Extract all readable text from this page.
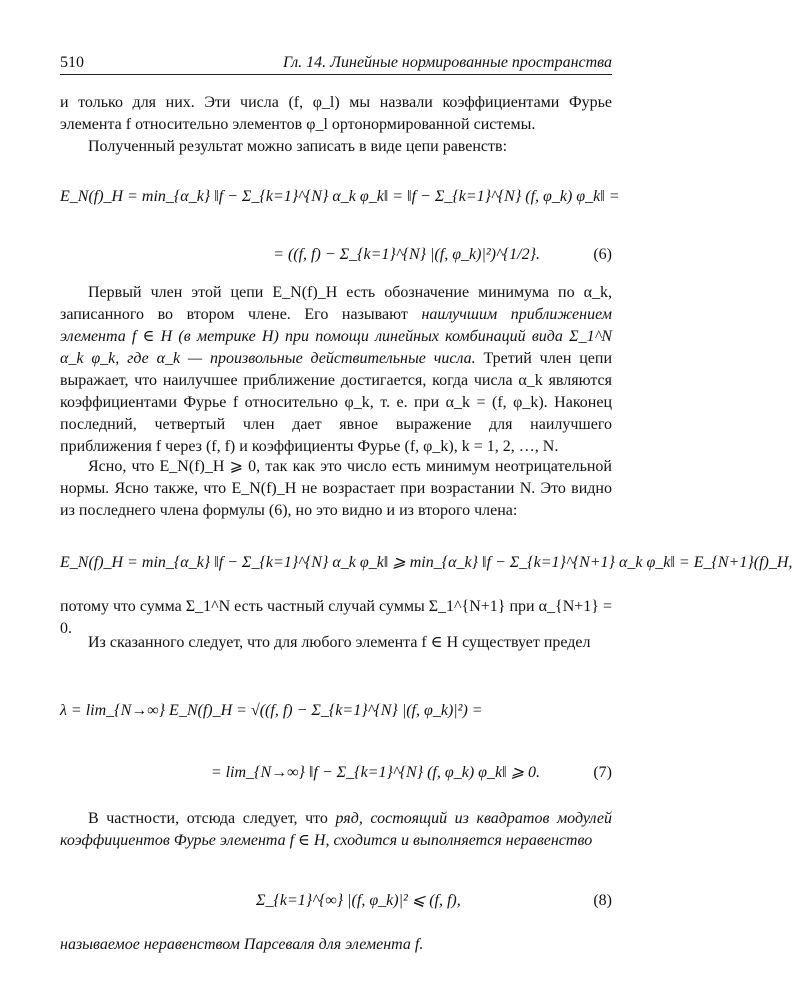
510	Гл. 14. Линейные нормированные пространства

и только для них. Эти числа (f, φ_l) мы назвали коэффициентами Фурье элемента f относительно элементов φ_l ортонормированной системы.

Полученный результат можно записать в виде цепи равенств:

E_N(f)_H = min_{α_k} ‖f − Σ_{k=1}^{N} α_k φ_k‖ = ‖f − Σ_{k=1}^{N} (f, φ_k) φ_k‖ =
= ((f, f) − Σ_{k=1}^{N} |(f, φ_k)|²)^{1/2}.	(6)

Первый член этой цепи E_N(f)_H есть обозначение минимума по α_k, записанного во втором члене. Его называют наилучшим приближением элемента f ∈ H (в метрике H) при помощи линейных комбинаций вида Σ_1^N α_k φ_k, где α_k — произвольные действительные числа. Третий член цепи выражает, что наилучшее приближение достигается, когда числа α_k являются коэффициентами Фурье f относительно φ_k, т. е. при α_k = (f, φ_k). Наконец последний, четвертый член дает явное выражение для наилучшего приближения f через (f, f) и коэффициенты Фурье (f, φ_k), k = 1, 2, …, N.

Ясно, что E_N(f)_H ⩾ 0, так как это число есть минимум неотрицательной нормы. Ясно также, что E_N(f)_H не возрастает при возрастании N. Это видно из последнего члена формулы (6), но это видно и из второго члена:

E_N(f)_H = min_{α_k} ‖f − Σ_{k=1}^{N} α_k φ_k‖ ⩾ min_{α_k} ‖f − Σ_{k=1}^{N+1} α_k φ_k‖ = E_{N+1}(f)_H,

потому что сумма Σ_1^N есть частный случай суммы Σ_1^{N+1} при α_{N+1} = 0.

Из сказанного следует, что для любого элемента f ∈ H существует предел

λ = lim_{N→∞} E_N(f)_H = √((f, f) − Σ_{k=1}^{N} |(f, φ_k)|²) =
= lim_{N→∞} ‖f − Σ_{k=1}^{N} (f, φ_k) φ_k‖ ⩾ 0.	(7)

В частности, отсюда следует, что ряд, состоящий из квадратов модулей коэффициентов Фурье элемента f ∈ H, сходится и выполняется неравенство

Σ_{k=1}^{∞} |(f, φ_k)|² ⩽ (f, f),	(8)

называемое неравенством Парсеваля для элемента f.
